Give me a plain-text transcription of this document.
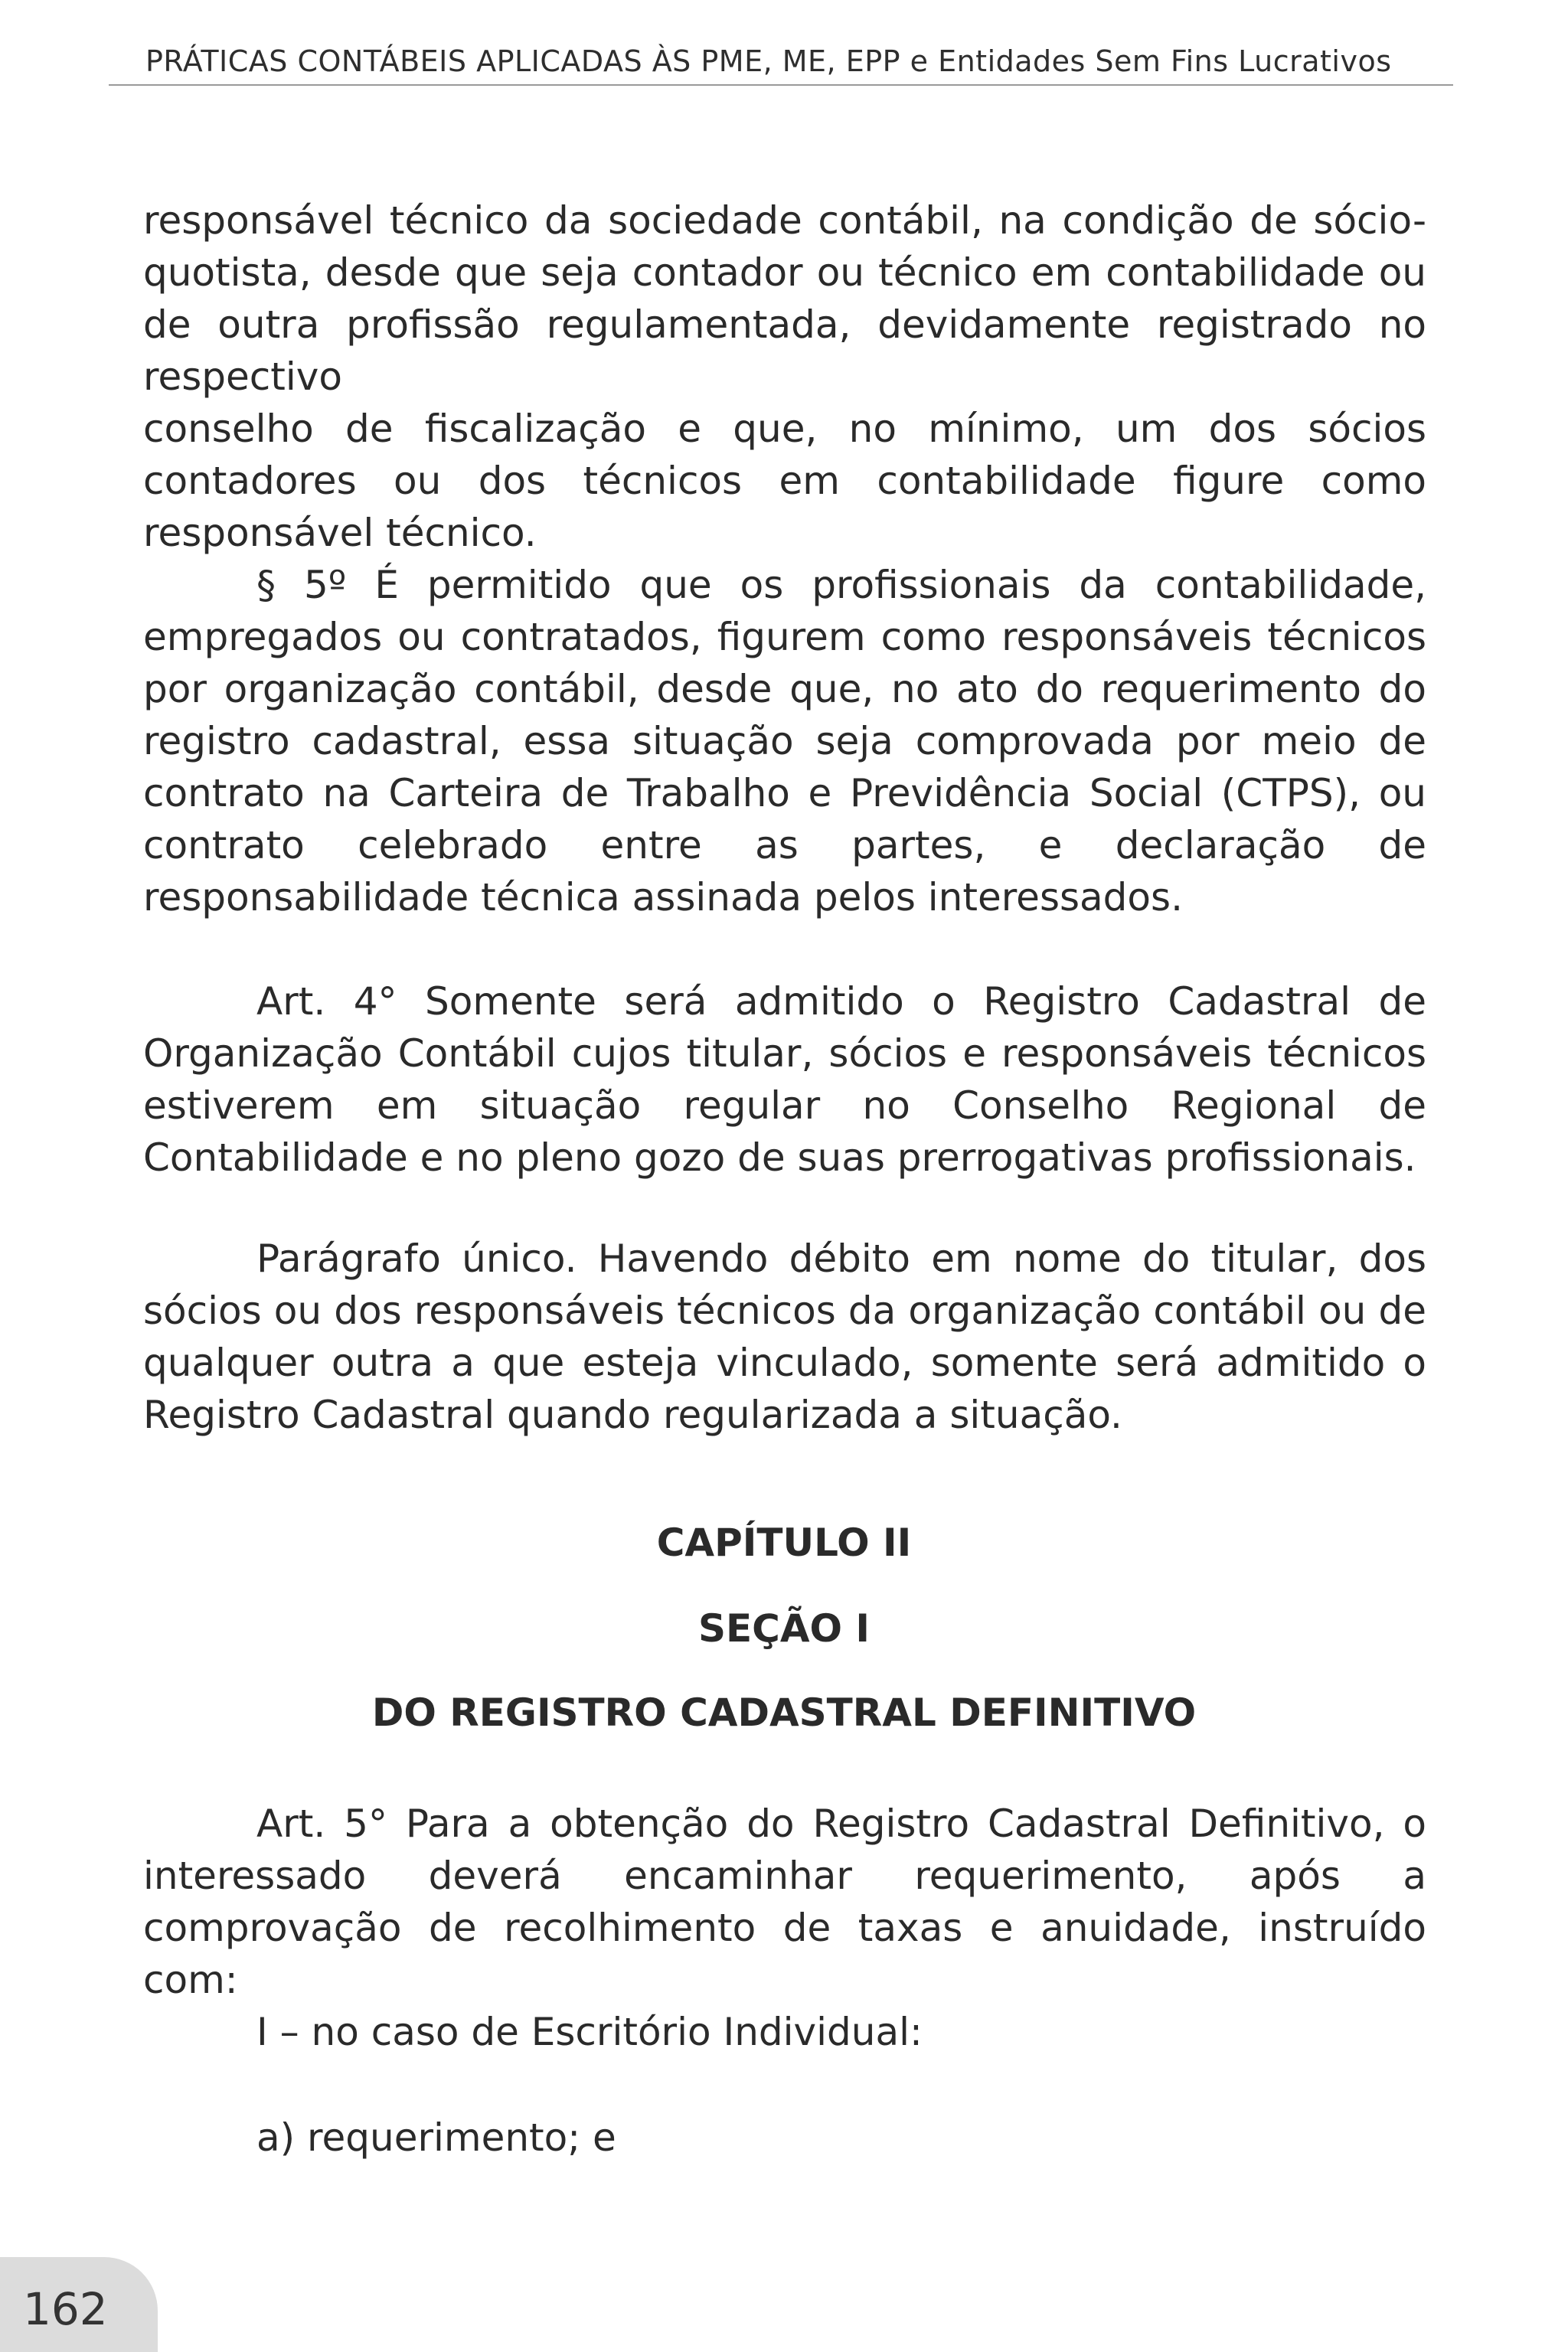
PRÁTICAS CONTÁBEIS APLICADAS ÀS PME, ME, EPP e Entidades Sem Fins Lucrativos

responsável técnico da sociedade contábil, na condição de sócio-quotista, desde que seja contador ou técnico em contabilidade ou de outra profissão regulamentada, devidamente registrado no respectivo

conselho de fiscalização e que, no mínimo, um dos sócios contadores ou dos técnicos em contabilidade figure como responsável técnico.

§ 5º É permitido que os profissionais da contabilidade, empregados ou contratados, figurem como responsáveis técnicos por organização contábil, desde que, no ato do requerimento do registro cadastral, essa situação seja comprovada por meio de contrato na Carteira de Trabalho e Previdência Social (CTPS), ou contrato celebrado entre as partes, e declaração de responsabilidade técnica assinada pelos interessados.

Art. 4° Somente será admitido o Registro Cadastral de Organização Contábil cujos titular, sócios e responsáveis técnicos estiverem em situação regular no Conselho Regional de Contabilidade e no pleno gozo de suas prerrogativas profissionais.

Parágrafo único. Havendo débito em nome do titular, dos sócios ou dos responsáveis técnicos da organização contábil ou de qualquer outra a que esteja vinculado, somente será admitido o Registro Cadastral quando regularizada a situação.

CAPÍTULO II
SEÇÃO I
DO REGISTRO CADASTRAL DEFINITIVO

Art. 5° Para a obtenção do Registro Cadastral Definitivo, o interessado deverá encaminhar requerimento, após a comprovação de recolhimento de taxas e anuidade, instruído com:

I – no caso de Escritório Individual:

a) requerimento; e

162
